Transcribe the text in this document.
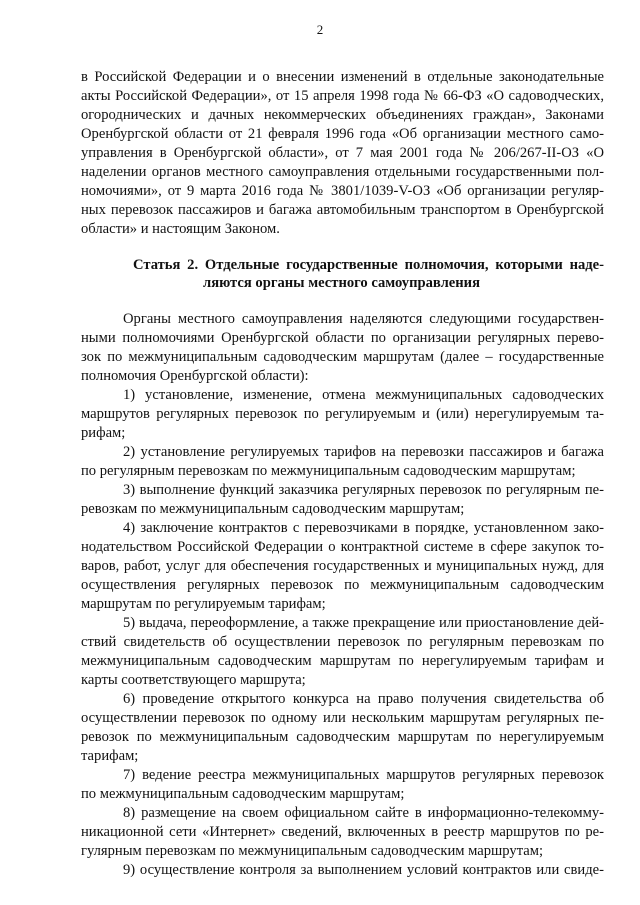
2
в Российской Федерации и о внесении изменений в отдельные законодательные
акты Российской Федерации», от 15 апреля 1998 года № 66-ФЗ «О садоводческих,
огороднических и дачных некоммерческих объединениях граждан», Законами
Оренбургской области от 21 февраля 1996 года «Об организации местного само-
управления в Оренбургской области», от 7 мая 2001 года № 206/267-II-ОЗ «О
наделении органов местного самоуправления отдельными государственными пол-
номочиями», от 9 марта 2016 года № 3801/1039-V-ОЗ «Об организации регуляр-
ных перевозок пассажиров и багажа автомобильным транспортом в Оренбургской
области» и настоящим Законом.
Статья 2. Отдельные государственные полномочия, которыми наде-
ляются органы местного самоуправления
Органы местного самоуправления наделяются следующими государствен-
ными полномочиями Оренбургской области по организации регулярных перево-
зок по межмуниципальным садоводческим маршрутам (далее – государственные
полномочия Оренбургской области):
1) установление, изменение, отмена межмуниципальных садоводческих
маршрутов регулярных перевозок по регулируемым и (или) нерегулируемым та-
рифам;
2) установление регулируемых тарифов на перевозки пассажиров и багажа
по регулярным перевозкам по межмуниципальным садоводческим маршрутам;
3) выполнение функций заказчика регулярных перевозок по регулярным пе-
ревозкам по межмуниципальным садоводческим маршрутам;
4) заключение контрактов с перевозчиками в порядке, установленном зако-
нодательством Российской Федерации о контрактной системе в сфере закупок то-
варов, работ, услуг для обеспечения государственных и муниципальных нужд, для
осуществления регулярных перевозок по межмуниципальным садоводческим
маршрутам по регулируемым тарифам;
5) выдача, переоформление, а также прекращение или приостановление дей-
ствий свидетельств об осуществлении перевозок по регулярным перевозкам по
межмуниципальным садоводческим маршрутам по нерегулируемым тарифам и
карты соответствующего маршрута;
6) проведение открытого конкурса на право получения свидетельства об
осуществлении перевозок по одному или нескольким маршрутам регулярных пе-
ревозок по межмуниципальным садоводческим маршрутам по нерегулируемым
тарифам;
7) ведение реестра межмуниципальных маршрутов регулярных перевозок
по межмуниципальным садоводческим маршрутам;
8) размещение на своем официальном сайте в информационно-телекомму-
никационной сети «Интернет» сведений, включенных в реестр маршрутов по ре-
гулярным перевозкам по межмуниципальным садоводческим маршрутам;
9) осуществление контроля за выполнением условий контрактов или свиде-
